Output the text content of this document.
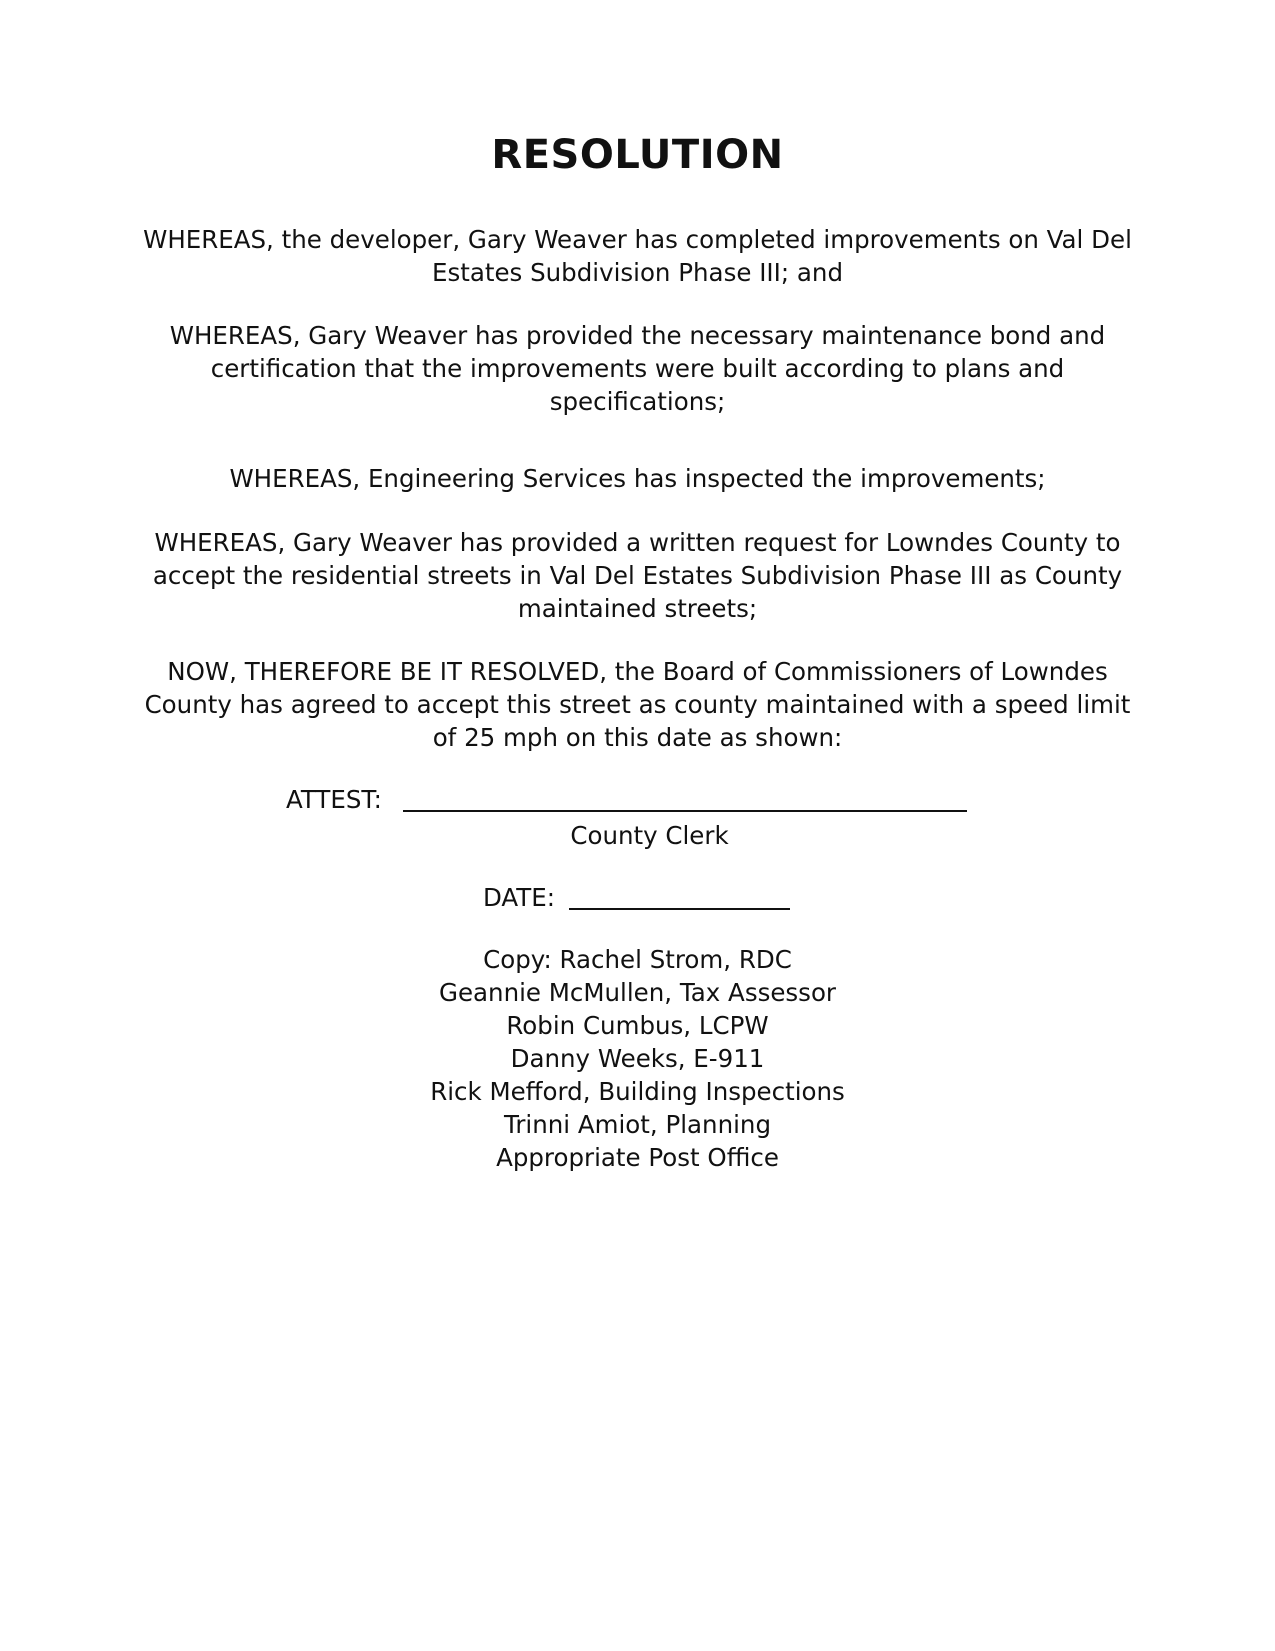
RESOLUTION

WHEREAS, the developer, Gary Weaver has completed improvements on Val Del Estates Subdivision Phase III; and

WHEREAS, Gary Weaver has provided the necessary maintenance bond and certification that the improvements were built according to plans and specifications;

WHEREAS, Engineering Services has inspected the improvements;

WHEREAS, Gary Weaver has provided a written request for Lowndes County to accept the residential streets in Val Del Estates Subdivision Phase III as County maintained streets;

NOW, THEREFORE BE IT RESOLVED, the Board of Commissioners of Lowndes County has agreed to accept this street as county maintained with a speed limit of 25 mph on this date as shown:

ATTEST:
County Clerk
DATE:
Copy: Rachel Strom, RDC
Geannie McMullen, Tax Assessor
Robin Cumbus, LCPW
Danny Weeks, E-911
Rick Mefford, Building Inspections
Trinni Amiot, Planning
Appropriate Post Office
